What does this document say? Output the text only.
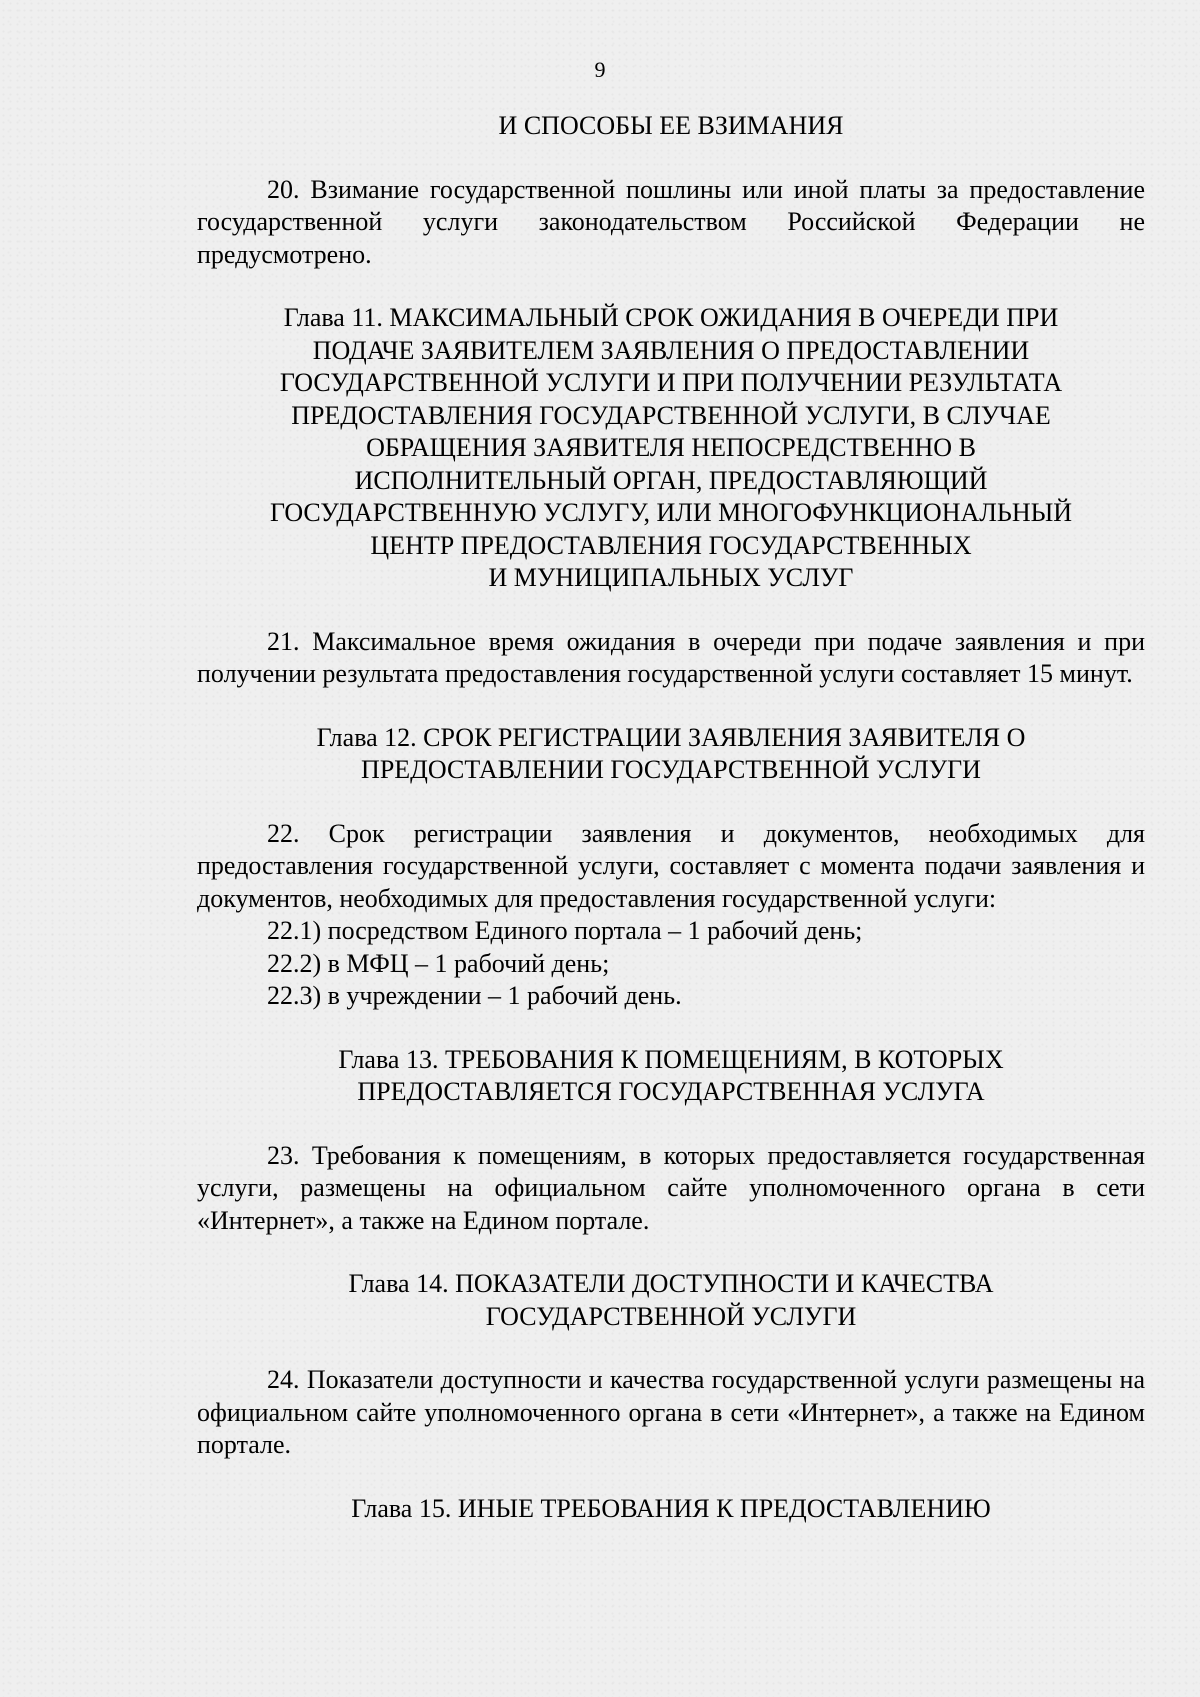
9
И СПОСОБЫ ЕЕ ВЗИМАНИЯ

20. Взимание государственной пошлины или иной платы за предоставление государственной услуги законодательством Российской Федерации не предусмотрено.

Глава 11. МАКСИМАЛЬНЫЙ СРОК ОЖИДАНИЯ В ОЧЕРЕДИ ПРИ
ПОДАЧЕ ЗАЯВИТЕЛЕМ ЗАЯВЛЕНИЯ О ПРЕДОСТАВЛЕНИИ
ГОСУДАРСТВЕННОЙ УСЛУГИ И ПРИ ПОЛУЧЕНИИ РЕЗУЛЬТАТА
ПРЕДОСТАВЛЕНИЯ ГОСУДАРСТВЕННОЙ УСЛУГИ, В СЛУЧАЕ
ОБРАЩЕНИЯ ЗАЯВИТЕЛЯ НЕПОСРЕДСТВЕННО В
ИСПОЛНИТЕЛЬНЫЙ ОРГАН, ПРЕДОСТАВЛЯЮЩИЙ
ГОСУДАРСТВЕННУЮ УСЛУГУ, ИЛИ МНОГОФУНКЦИОНАЛЬНЫЙ
ЦЕНТР ПРЕДОСТАВЛЕНИЯ ГОСУДАРСТВЕННЫХ
И МУНИЦИПАЛЬНЫХ УСЛУГ

21. Максимальное время ожидания в очереди при подаче заявления и при получении результата предоставления государственной услуги составляет 15 минут.

Глава 12. СРОК РЕГИСТРАЦИИ ЗАЯВЛЕНИЯ ЗАЯВИТЕЛЯ О
ПРЕДОСТАВЛЕНИИ ГОСУДАРСТВЕННОЙ УСЛУГИ

22. Срок регистрации заявления и документов, необходимых для предоставления государственной услуги, составляет с момента подачи заявления и документов, необходимых для предоставления государственной услуги:

22.1) посредством Единого портала – 1 рабочий день;

22.2) в МФЦ – 1 рабочий день;

22.3) в учреждении – 1 рабочий день.

Глава 13. ТРЕБОВАНИЯ К ПОМЕЩЕНИЯМ, В КОТОРЫХ
ПРЕДОСТАВЛЯЕТСЯ ГОСУДАРСТВЕННАЯ УСЛУГА

23. Требования к помещениям, в которых предоставляется государственная услуги, размещены на официальном сайте уполномоченного органа в сети «Интернет», а также на Едином портале.

Глава 14. ПОКАЗАТЕЛИ ДОСТУПНОСТИ И КАЧЕСТВА
ГОСУДАРСТВЕННОЙ УСЛУГИ

24. Показатели доступности и качества государственной услуги размещены на официальном сайте уполномоченного органа в сети «Интернет», а также на Едином портале.

Глава 15. ИНЫЕ ТРЕБОВАНИЯ К ПРЕДОСТАВЛЕНИЮ
